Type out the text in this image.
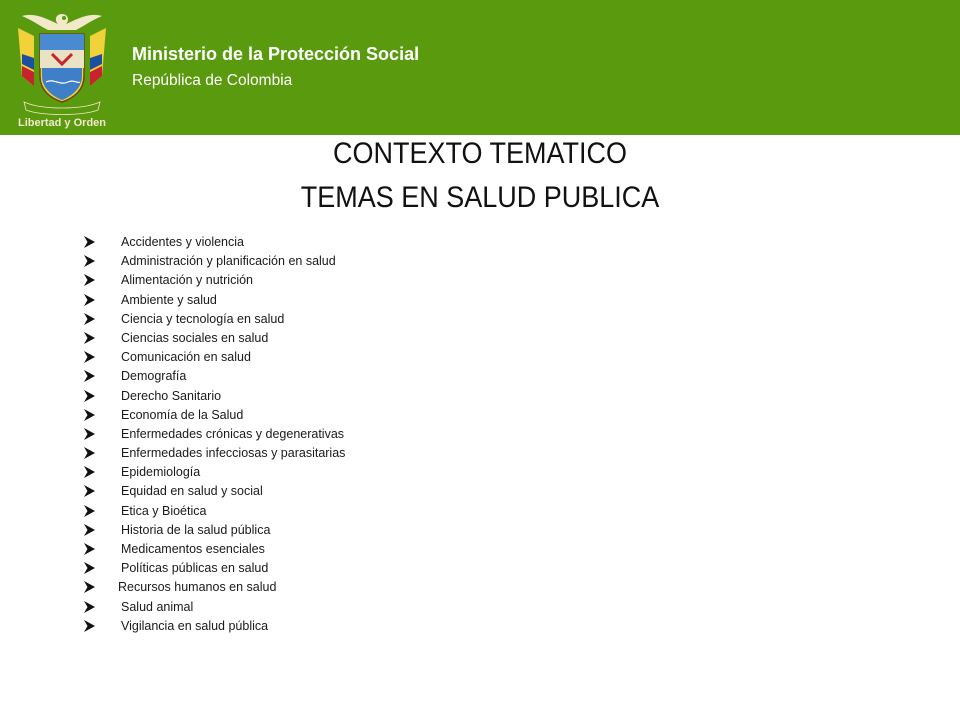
Libertad y Orden
Ministerio de la Protección Social
República de Colombia
CONTEXTO TEMATICO
TEMAS EN SALUD PUBLICA
Accidentes y violencia
Administración y planificación en salud
Alimentación y nutrición
Ambiente y salud
Ciencia y tecnología en salud
Ciencias sociales en salud
Comunicación en salud
Demografía
Derecho Sanitario
Economía de la Salud
Enfermedades crónicas y degenerativas
Enfermedades infecciosas y parasitarias
Epidemiología
Equidad en salud y social
Etica y Bioética
Historia de la salud pública
Medicamentos esenciales
Políticas públicas en salud
Recursos humanos en salud
Salud animal
Vigilancia en salud pública
